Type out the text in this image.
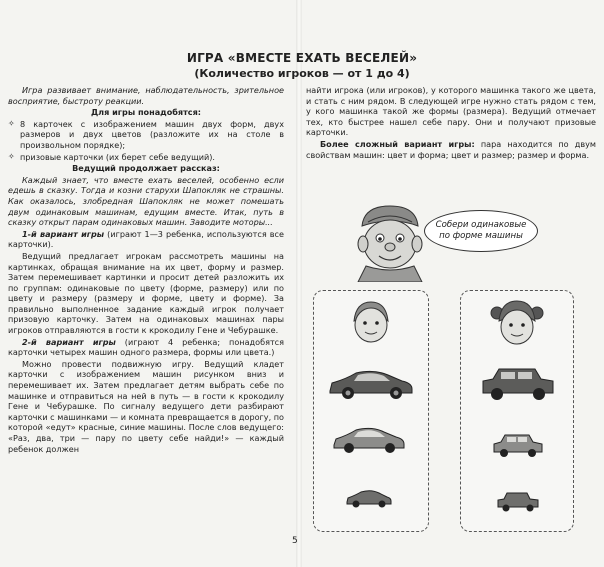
ИГРА «ВМЕСТЕ ЕХАТЬ ВЕСЕЛЕЙ»
(Количество игроков — от 1 до 4)

Игра развивает внимание, наблюдательность, зрительное восприятие, быстроту реакции.

Для игры понадобятся:

✧ 8 карточек с изображением машин двух форм, двух размеров и двух цветов (разложите их на столе в произвольном порядке);

✧ призовые карточки (их берет себе ведущий).

Ведущий продолжает рассказ:

Каждый знает, что вместе ехать веселей, особенно если едешь в сказку. Тогда и козни старухи Шапокляк не страшны. Как оказалось, злобредная Шапокляк не может помешать двум одинаковым машинам, едущим вместе. Итак, путь в сказку открыт парам одинаковых машин. Заводите моторы...

1-й вариант игры (играют 1—3 ребенка, используются все карточки).

Ведущий предлагает игрокам рассмотреть машины на картинках, обращая внимание на их цвет, форму и размер. Затем перемешивает картинки и просит детей разложить их по группам: одинаковые по цвету (форме, размеру) или по цвету и размеру (размеру и форме, цвету и форме). За правильно выполненное задание каждый игрок получает призовую карточку. Затем на одинаковых машинах пары игроков отправляются в гости к крокодилу Гене и Чебурашке.

2-й вариант игры (играют 4 ребенка; понадобятся карточки четырех машин одного размера, формы или цвета.)

Можно провести подвижную игру. Ведущий кладет карточки с изображением машин рисунком вниз и перемешивает их. Затем предлагает детям выбрать себе по машинке и отправиться на ней в путь — в гости к крокодилу Гене и Чебурашке. По сигналу ведущего дети разбирают карточки с машинками — и комната превращается в дорогу, по которой «едут» красные, синие машины. После слов ведущего: «Раз, два, три — пару по цвету себе найди!» — каждый ребенок должен

найти игрока (или игроков), у которого машинка такого же цвета, и стать с ним рядом. В следующей игре нужно стать рядом с тем, у кого машинка такой же формы (размера). Ведущий отмечает тех, кто быстрее нашел себе пару. Они и получают призовые карточки.

Более сложный вариант игры: пара находится по двум свойствам машин: цвет и форма; цвет и размер; размер и форма.

Собери одинаковые
по форме машины
5
